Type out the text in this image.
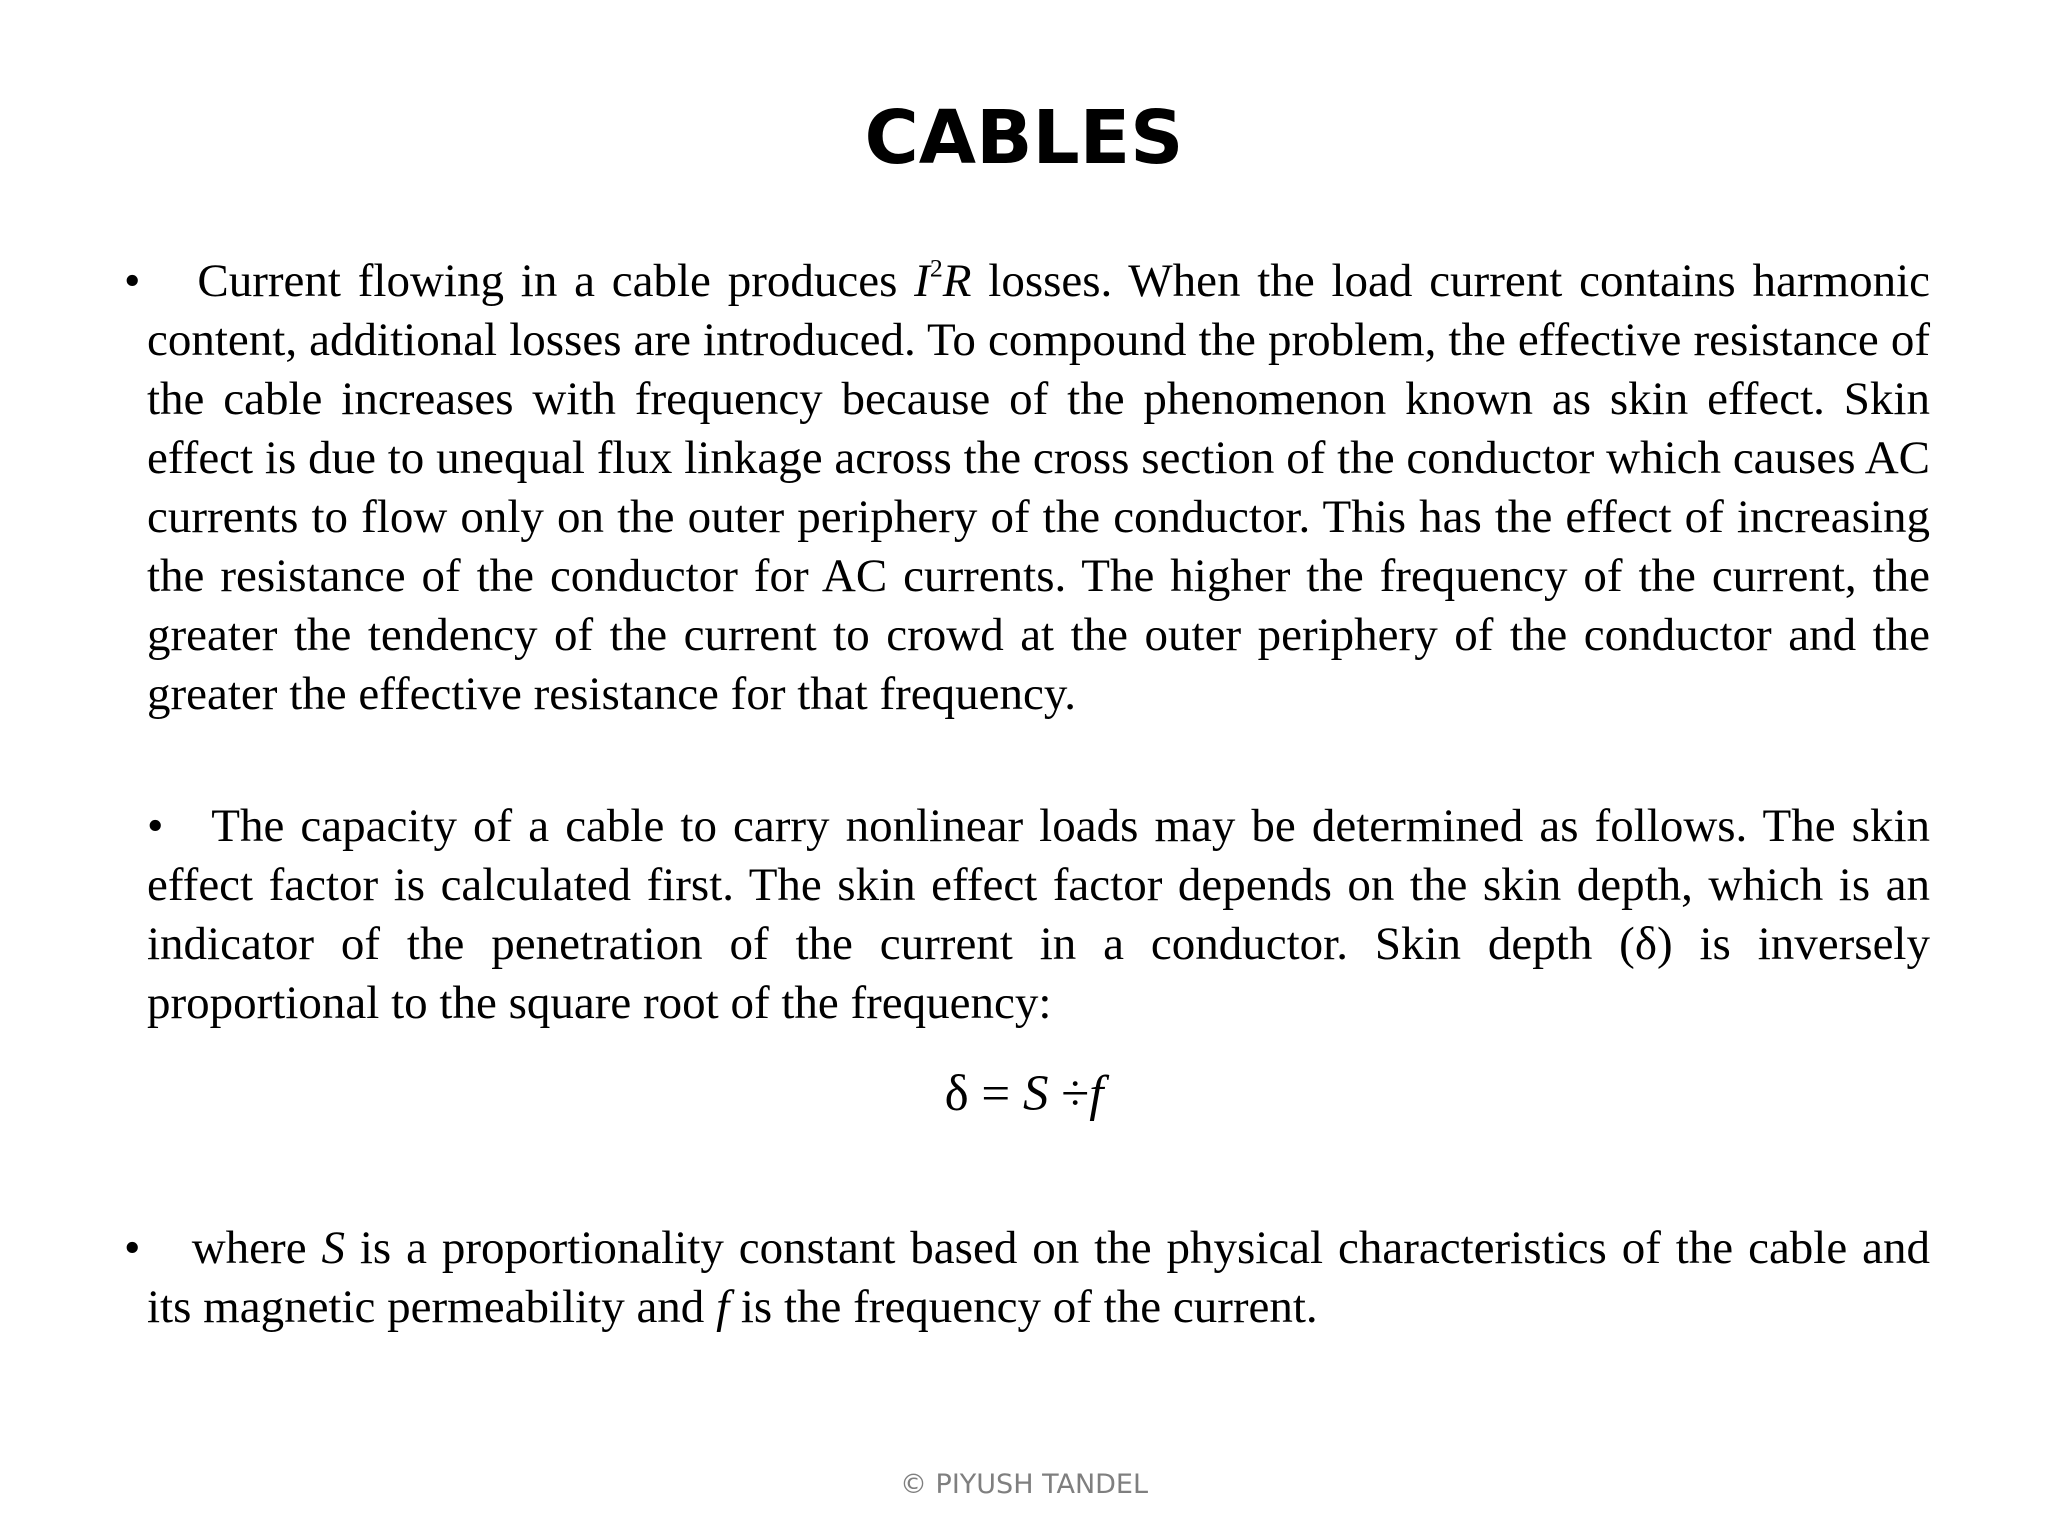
CABLES
•	Current flowing in a cable produces $I^2R$ losses. When the load current contains harmonic content, additional losses are introduced. To compound the problem, the effective resistance of the cable increases with frequency because of the phenomenon known as skin effect. Skin effect is due to unequal flux linkage across the cross section of the conductor which causes AC currents to flow only on the outer periphery of the conductor. This has the effect of increasing the resistance of the conductor for AC currents. The higher the frequency of the current, the greater the tendency of the current to crowd at the outer periphery of the conductor and the greater the effective resistance for that frequency.
•	The capacity of a cable to carry nonlinear loads may be determined as follows. The skin effect factor is calculated first. The skin effect factor depends on the skin depth, which is an indicator of the penetration of the current in a conductor. Skin depth (δ) is inversely proportional to the square root of the frequency:
δ = S ÷f
•	where S is a proportionality constant based on the physical characteristics of the cable and its magnetic permeability and f is the frequency of the current.
© PIYUSH TANDEL
